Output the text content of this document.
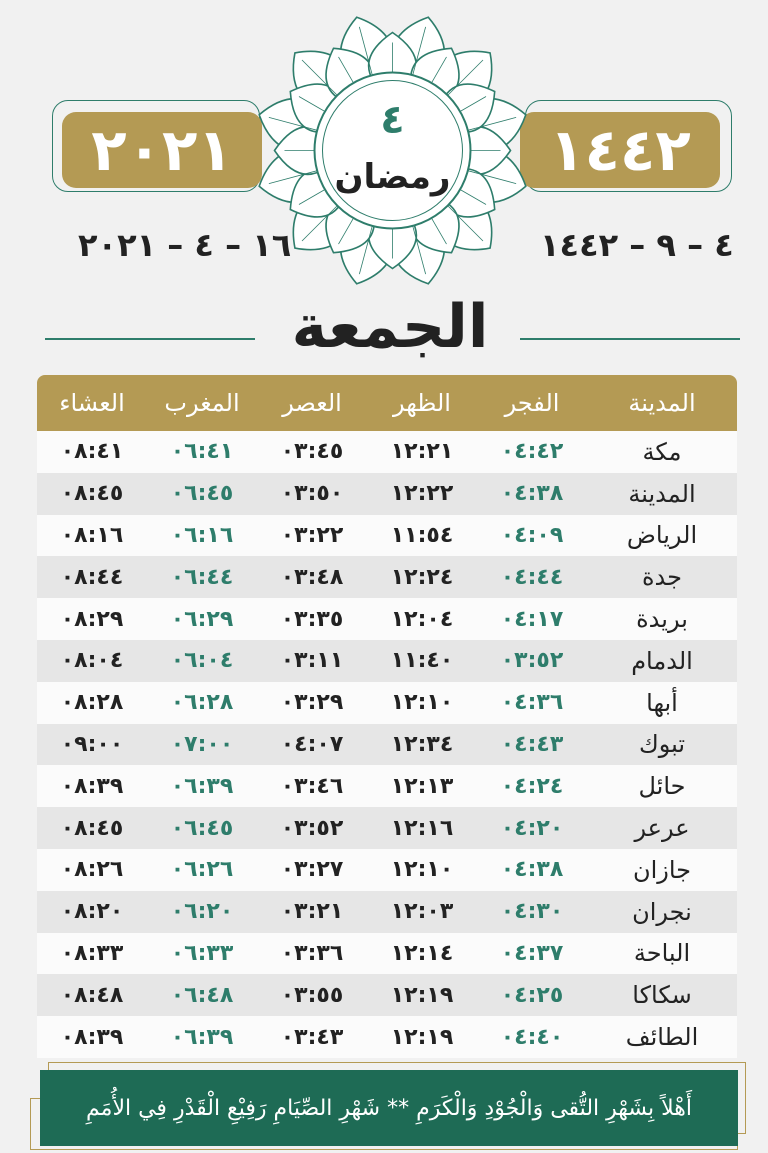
٢٠٢١	١٤٤٢
١٦ – ٤ – ٢٠٢١	٤ – ٩ – ١٤٤٢
٤
رمضان
الجمعة
المدينة
الفجر
الظهر
العصر
المغرب
العشاء
مكة
٠٤:٤٢
١٢:٢١
٠٣:٤٥
٠٦:٤١
٠٨:٤١
المدينة
٠٤:٣٨
١٢:٢٢
٠٣:٥٠
٠٦:٤٥
٠٨:٤٥
الرياض
٠٤:٠٩
١١:٥٤
٠٣:٢٢
٠٦:١٦
٠٨:١٦
جدة
٠٤:٤٤
١٢:٢٤
٠٣:٤٨
٠٦:٤٤
٠٨:٤٤
بريدة
٠٤:١٧
١٢:٠٤
٠٣:٣٥
٠٦:٢٩
٠٨:٢٩
الدمام
٠٣:٥٢
١١:٤٠
٠٣:١١
٠٦:٠٤
٠٨:٠٤
أبها
٠٤:٣٦
١٢:١٠
٠٣:٢٩
٠٦:٢٨
٠٨:٢٨
تبوك
٠٤:٤٣
١٢:٣٤
٠٤:٠٧
٠٧:٠٠
٠٩:٠٠
حائل
٠٤:٢٤
١٢:١٣
٠٣:٤٦
٠٦:٣٩
٠٨:٣٩
عرعر
٠٤:٢٠
١٢:١٦
٠٣:٥٢
٠٦:٤٥
٠٨:٤٥
جازان
٠٤:٣٨
١٢:١٠
٠٣:٢٧
٠٦:٢٦
٠٨:٢٦
نجران
٠٤:٣٠
١٢:٠٣
٠٣:٢١
٠٦:٢٠
٠٨:٢٠
الباحة
٠٤:٣٧
١٢:١٤
٠٣:٣٦
٠٦:٣٣
٠٨:٣٣
سكاكا
٠٤:٢٥
١٢:١٩
٠٣:٥٥
٠٦:٤٨
٠٨:٤٨
الطائف
٠٤:٤٠
١٢:١٩
٠٣:٤٣
٠٦:٣٩
٠٨:٣٩
أَهْلاً بِشَهْرِ التُّقى وَالْجُوْدِ وَالْكَرَمِ ** شَهْرِ الصِّيَامِ رَفِيْعِ الْقَدْرِ فِي الأُمَمِ
